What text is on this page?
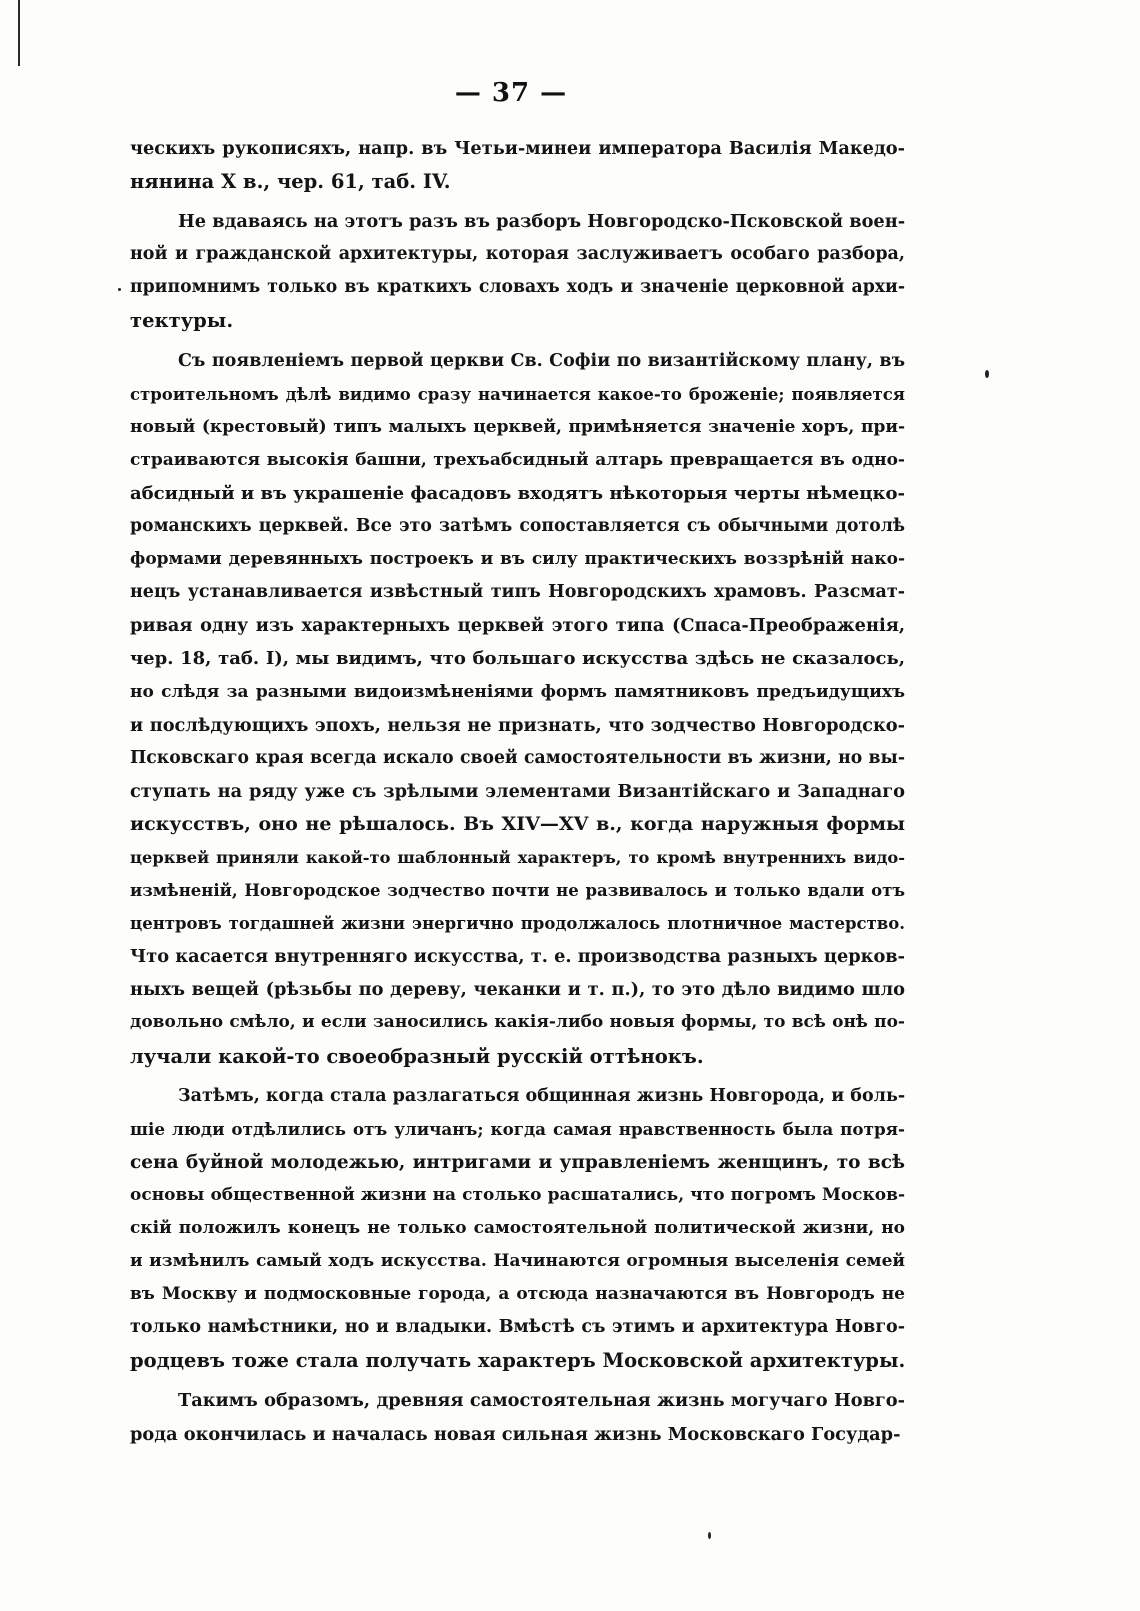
— 37 —
ческихъ рукописяхъ, напр. въ Четьи-минеи императора Василія Македо-
нянина X в., чер. 61, таб. IV.
Не вдаваясь на этотъ разъ въ разборъ Новгородско-Псковской воен-
ной и гражданской архитектуры, которая заслуживаетъ особаго разбора,
припомнимъ только въ краткихъ словахъ ходъ и значеніе церковной архи-
тектуры.
Съ появленіемъ первой церкви Св. Софіи по византійскому плану, въ
строительномъ дѣлѣ видимо сразу начинается какое-то броженіе; появляется
новый (крестовый) типъ малыхъ церквей, примѣняется значеніе хоръ, при-
страиваются высокія башни, трехъабсидный алтарь превращается въ одно-
абсидный и въ украшеніе фасадовъ входятъ нѣкоторыя черты нѣмецко-
романскихъ церквей. Все это затѣмъ сопоставляется съ обычными дотолѣ
формами деревянныхъ построекъ и въ силу практическихъ воззрѣній нако-
нецъ устанавливается извѣстный типъ Новгородскихъ храмовъ. Разсмат-
ривая одну изъ характерныхъ церквей этого типа (Спаса-Преображенія,
чер. 18, таб. I), мы видимъ, что большаго искусства здѣсь не сказалось,
но слѣдя за разными видоизмѣненіями формъ памятниковъ предъидущихъ
и послѣдующихъ эпохъ, нельзя не признать, что зодчество Новгородско-
Псковскаго края всегда искало своей самостоятельности въ жизни, но вы-
ступать на ряду уже съ зрѣлыми элементами Византійскаго и Западнаго
искусствъ, оно не рѣшалось. Въ XIV—XV в., когда наружныя формы
церквей приняли какой-то шаблонный характеръ, то кромѣ внутреннихъ видо-
измѣненій, Новгородское зодчество почти не развивалось и только вдали отъ
центровъ тогдашней жизни энергично продолжалось плотничное мастерство.
Что касается внутренняго искусства, т. е. производства разныхъ церков-
ныхъ вещей (рѣзьбы по дереву, чеканки и т. п.), то это дѣло видимо шло
довольно смѣло, и если заносились какія-либо новыя формы, то всѣ онѣ по-
лучали какой-то своеобразный русскій оттѣнокъ.
Затѣмъ, когда стала разлагаться общинная жизнь Новгорода, и боль-
шіе люди отдѣлились отъ уличанъ; когда самая нравственность была потря-
сена буйной молодежью, интригами и управленіемъ женщинъ, то всѣ
основы общественной жизни на столько расшатались, что погромъ Москов-
скій положилъ конецъ не только самостоятельной политической жизни, но
и измѣнилъ самый ходъ искусства. Начинаются огромныя выселенія семей
въ Москву и подмосковные города, а отсюда назначаются въ Новгородъ не
только намѣстники, но и владыки. Вмѣстѣ съ этимъ и архитектура Новго-
родцевъ тоже стала получать характеръ Московской архитектуры.
Такимъ образомъ, древняя самостоятельная жизнь могучаго Новго-
рода окончилась и началась новая сильная жизнь Московскаго Государ-
